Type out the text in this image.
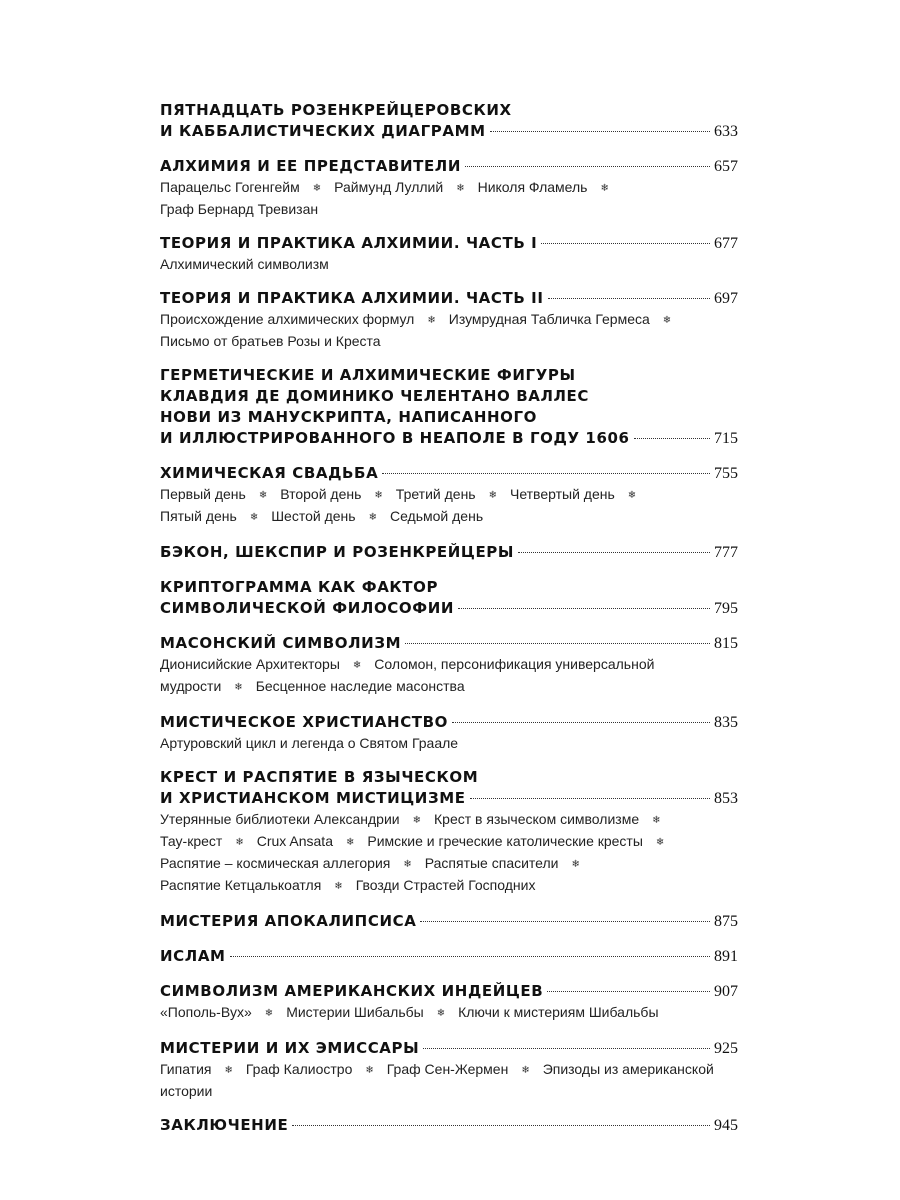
ПЯТНАДЦАТЬ РОЗЕНКРЕЙЦЕРОВСКИХ
И КАББАЛИСТИЧЕСКИХ ДИАГРАММ	633
АЛХИМИЯ И ЕЕ ПРЕДСТАВИТЕЛИ	657
Парацельс Гогенгейм ❄ Раймунд Луллий ❄ Николя Фламель ❄
Граф Бернард Тревизан
ТЕОРИЯ И ПРАКТИКА АЛХИМИИ. ЧАСТЬ I	677
Алхимический символизм
ТЕОРИЯ И ПРАКТИКА АЛХИМИИ. ЧАСТЬ II	697
Происхождение алхимических формул ❄ Изумрудная Табличка Гермеса ❄
Письмо от братьев Розы и Креста
ГЕРМЕТИЧЕСКИЕ И АЛХИМИЧЕСКИЕ ФИГУРЫ
КЛАВДИЯ ДЕ ДОМИНИКО ЧЕЛЕНТАНО ВАЛЛЕС
НОВИ ИЗ МАНУСКРИПТА, НАПИСАННОГО
И ИЛЛЮСТРИРОВАННОГО В НЕАПОЛЕ В ГОДУ 1606	715
ХИМИЧЕСКАЯ СВАДЬБА	755
Первый день ❄ Второй день ❄ Третий день ❄ Четвертый день ❄
Пятый день ❄ Шестой день ❄ Седьмой день
БЭКОН, ШЕКСПИР И РОЗЕНКРЕЙЦЕРЫ	777
КРИПТОГРАММА КАК ФАКТОР
СИМВОЛИЧЕСКОЙ ФИЛОСОФИИ	795
МАСОНСКИЙ СИМВОЛИЗМ	815
Дионисийские Архитекторы ❄ Соломон, персонификация универсальной
мудрости ❄ Бесценное наследие масонства
МИСТИЧЕСКОЕ ХРИСТИАНСТВО	835
Артуровский цикл и легенда о Святом Граале
КРЕСТ И РАСПЯТИЕ В ЯЗЫЧЕСКОМ
И ХРИСТИАНСКОМ МИСТИЦИЗМЕ	853
Утерянные библиотеки Александрии ❄ Крест в языческом символизме ❄
Тау-крест ❄ Crux Ansata ❄ Римские и греческие католические кресты ❄
Распятие – космическая аллегория ❄ Распятые спасители ❄
Распятие Кетцалькоатля ❄ Гвозди Страстей Господних
МИСТЕРИЯ АПОКАЛИПСИСА	875
ИСЛАМ	891
СИМВОЛИЗМ АМЕРИКАНСКИХ ИНДЕЙЦЕВ	907
«Пополь-Вух» ❄ Мистерии Шибальбы ❄ Ключи к мистериям Шибальбы
МИСТЕРИИ И ИХ ЭМИССАРЫ	925
Гипатия ❄ Граф Калиостро ❄ Граф Сен-Жермен ❄ Эпизоды из американской
истории
ЗАКЛЮЧЕНИЕ	945
